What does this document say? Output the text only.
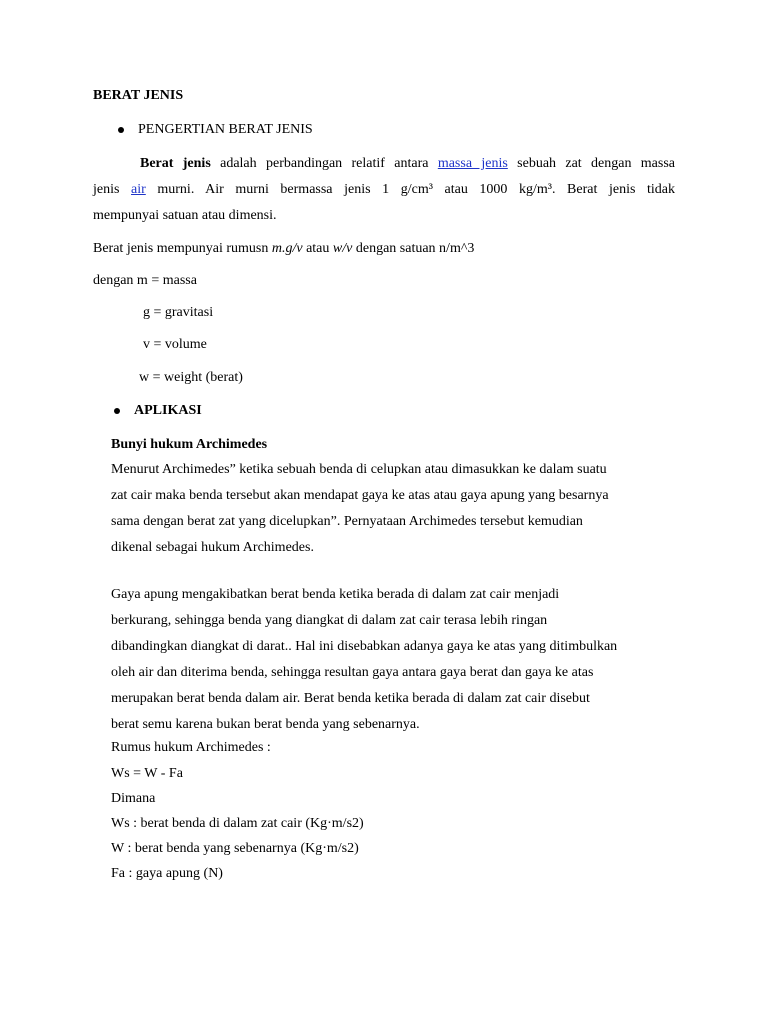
BERAT JENIS
PENGERTIAN BERAT JENIS
Berat jenis adalah perbandingan relatif antara massa jenis sebuah zat dengan massa
jenis air murni. Air murni bermassa jenis 1 g/cm³ atau 1000 kg/m³. Berat jenis tidak
mempunyai satuan atau dimensi.
Berat jenis mempunyai rumusn m.g/v atau w/v dengan satuan n/m^3
dengan m = massa
g = gravitasi
v = volume
w = weight (berat)
APLIKASI
Bunyi hukum Archimedes
Menurut Archimedes” ketika sebuah benda di celupkan atau dimasukkan ke dalam suatu
zat cair maka benda tersebut akan mendapat gaya ke atas atau gaya apung yang besarnya
sama dengan berat zat yang dicelupkan”. Pernyataan Archimedes tersebut kemudian
dikenal sebagai hukum Archimedes.
Gaya apung mengakibatkan berat benda ketika berada di dalam zat cair menjadi
berkurang, sehingga benda yang diangkat di dalam zat cair terasa lebih ringan
dibandingkan diangkat di darat.. Hal ini disebabkan adanya gaya ke atas yang ditimbulkan
oleh air dan diterima benda, sehingga resultan gaya antara gaya berat dan gaya ke atas
merupakan berat benda dalam air. Berat benda ketika berada di dalam zat cair disebut
berat semu karena bukan berat benda yang sebenarnya.
Rumus hukum Archimedes :
Ws = W - Fa
Dimana
Ws : berat benda di dalam zat cair (Kg·m/s2)
W : berat benda yang sebenarnya (Kg·m/s2)
Fa : gaya apung (N)
